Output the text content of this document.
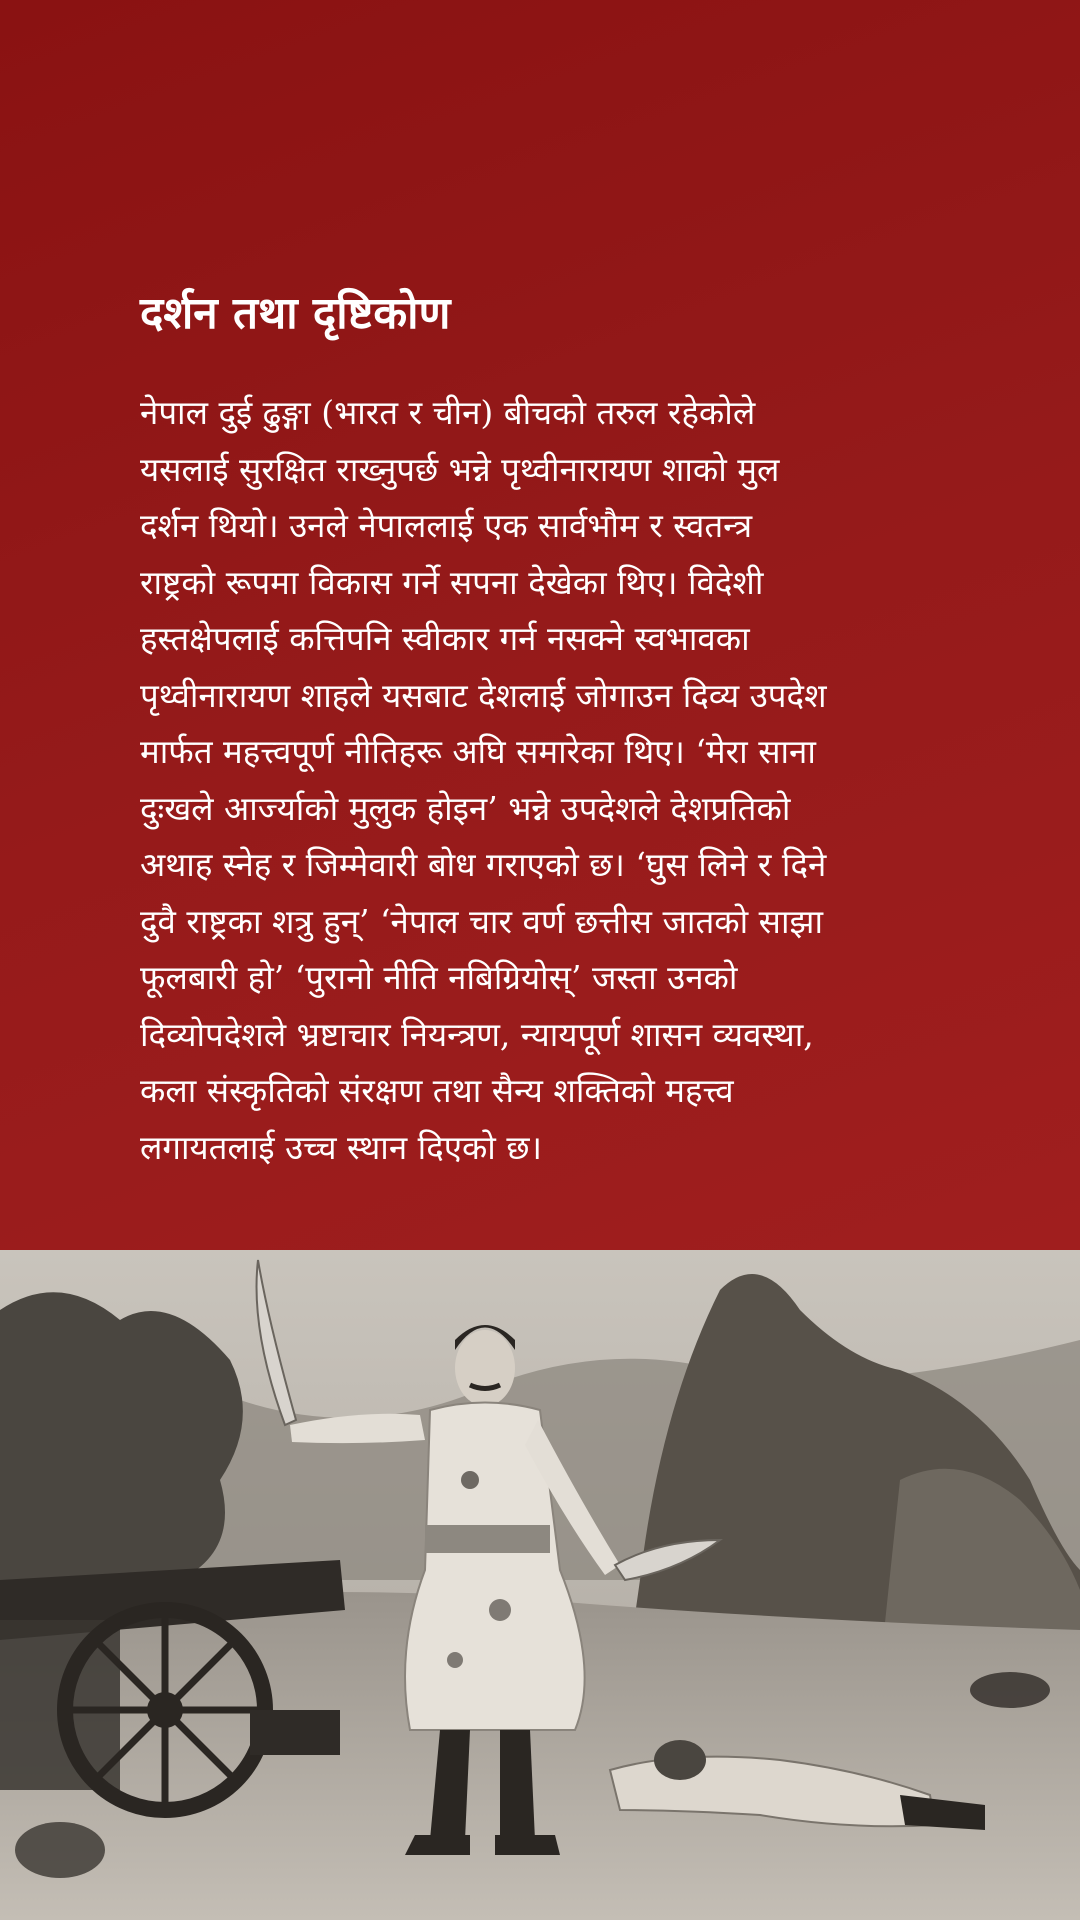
दर्शन तथा दृष्टिकोण

नेपाल दुई ढुङ्गा (भारत र चीन) बीचको तरुल रहेकोले
यसलाई सुरक्षित राख्नुपर्छ भन्ने पृथ्वीनारायण शाको मुल
दर्शन थियो। उनले नेपाललाई एक सार्वभौम र स्वतन्त्र
राष्ट्रको रूपमा विकास गर्ने सपना देखेका थिए। विदेशी
हस्तक्षेपलाई कत्तिपनि स्वीकार गर्न नसक्ने स्वभावका
पृथ्वीनारायण शाहले यसबाट देशलाई जोगाउन दिव्य उपदेश
मार्फत महत्त्वपूर्ण नीतिहरू अघि समारेका थिए। ‘मेरा साना
दुःखले आर्ज्याको मुलुक होइन’ भन्ने उपदेशले देशप्रतिको
अथाह स्नेह र जिम्मेवारी बोध गराएको छ। ‘घुस लिने र दिने
दुवै राष्ट्रका शत्रु हुन्’ ‘नेपाल चार वर्ण छत्तीस जातको साझा
फूलबारी हो’ ‘पुरानो नीति नबिग्रियोस्’ जस्ता उनको
दिव्योपदेशले भ्रष्टाचार नियन्त्रण, न्यायपूर्ण शासन व्यवस्था,
कला संस्कृतिको संरक्षण तथा सैन्य शक्तिको महत्त्व
लगायतलाई उच्च स्थान दिएको छ।
